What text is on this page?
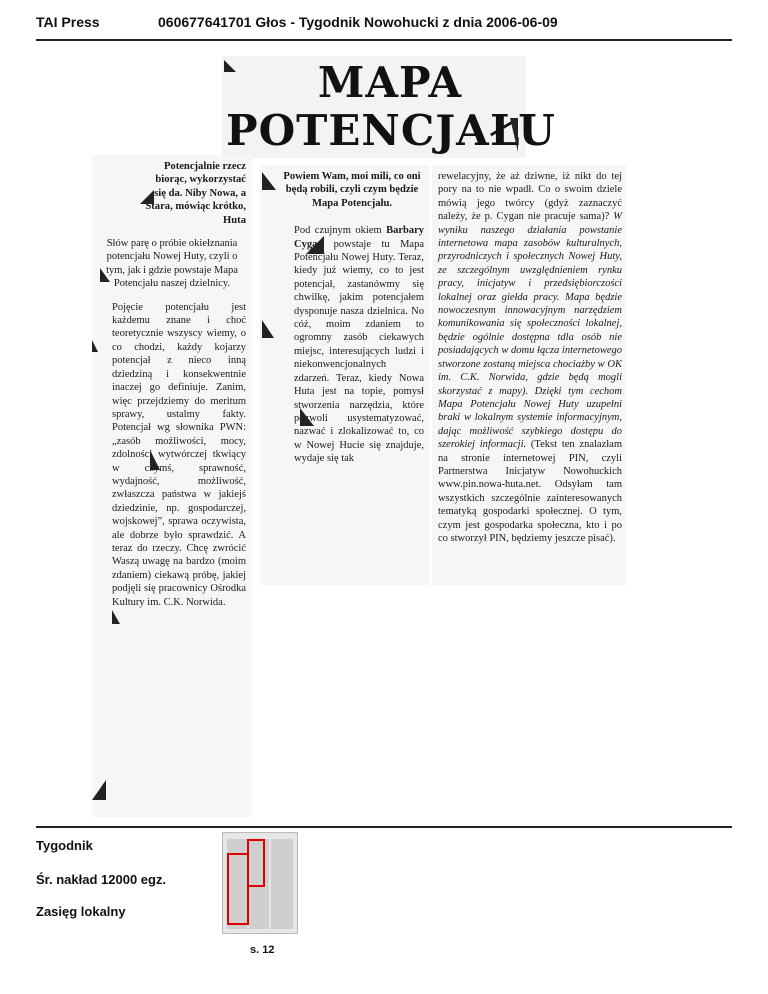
TAI Press	060677641701 Głos - Tygodnik Nowohucki z dnia 2006-06-09
MAPA
POTENCJAŁU

Potencjalnie rzecz biorąc, wykorzystać się da. Niby Nowa, a Stara, mówiąc krótko, Huta

Słów parę o próbie okiełznania potencjału Nowej Huty, czyli o tym, jak i gdzie powstaje Mapa Potencjału naszej dzielnicy.

Pojęcie potencjału jest każdemu znane i choć teoretycznie wszyscy wiemy, o co chodzi, każdy kojarzy potencjał z nieco inną dziedziną i konsekwentnie inaczej go definiuje. Zanim, więc przejdziemy do meritum sprawy, ustalmy fakty. Potencjał wg słownika PWN: „zasób możliwości, mocy, zdolności wytwórczej tkwiący w czymś, sprawność, wydajność, możliwość, zwłaszcza państwa w jakiejś dziedzinie, np. gospodarczej, wojskowej”, sprawa oczywista, ale dobrze było sprawdzić. A teraz do rzeczy. Chcę zwrócić Waszą uwagę na bardzo (moim zdaniem) ciekawą próbę, jakiej podjęli się pracownicy Ośrodka Kultury im. C.K. Norwida.

Powiem Wam, moi mili, co oni będą robili, czyli czym będzie Mapa Potencjału.

Pod czujnym okiem Barbary Cygan powstaje tu Mapa Potencjału Nowej Huty. Teraz, kiedy już wiemy, co to jest potencjał, zastanówmy się chwilkę, jakim potencjałem dysponuje nasza dzielnica. No cóż, moim zdaniem to ogromny zasób ciekawych miejsc, interesujących ludzi i niekonwencjonalnych zdarzeń. Teraz, kiedy Nowa Huta jest na topie, pomysł stworzenia narzędzia, które pozwoli usystematyzować, nazwać i zlokalizować to, co w Nowej Hucie się znajduje, wydaje się tak

rewelacyjny, że aż dziwne, iż nikt do tej pory na to nie wpadł. Co o swoim dziele mówią jego twórcy (gdyż zaznaczyć należy, że p. Cygan nie pracuje sama)? W wyniku naszego działania powstanie internetowa mapa zasobów kulturalnych, przyrodniczych i społecznych Nowej Huty, ze szczególnym uwzględnieniem rynku pracy, inicjatyw i przedsiębiorczości lokalnej oraz giełda pracy. Mapa będzie nowoczesnym innowacyjnym narzędziem komunikowania się społeczności lokalnej, będzie ogólnie dostępna tdla osób nie posiadających w domu łącza internetowego stworzone zostaną miejsca chociażby w OK im. C.K. Norwida, gdzie będą mogli skorzystać z mapy). Dzięki tym cechom Mapa Potencjału Nowej Huty uzupełni braki w lokalnym systemie informacyjnym, dając możliwość szybkiego dostępu do szerokiej informacji. (Tekst ten znalazłam na stronie internetowej PIN, czyli Partnerstwa Inicjatyw Nowohuckich www.pin.nowa-huta.net. Odsyłam tam wszystkich szczególnie zainteresowanych tematyką gospodarki społecznej. O tym, czym jest gospodarka społeczna, kto i po co stworzył PIN, będziemy jeszcze pisać).

Tygodnik
Śr. nakład 12000 egz.
Zasięg lokalny
s. 12
